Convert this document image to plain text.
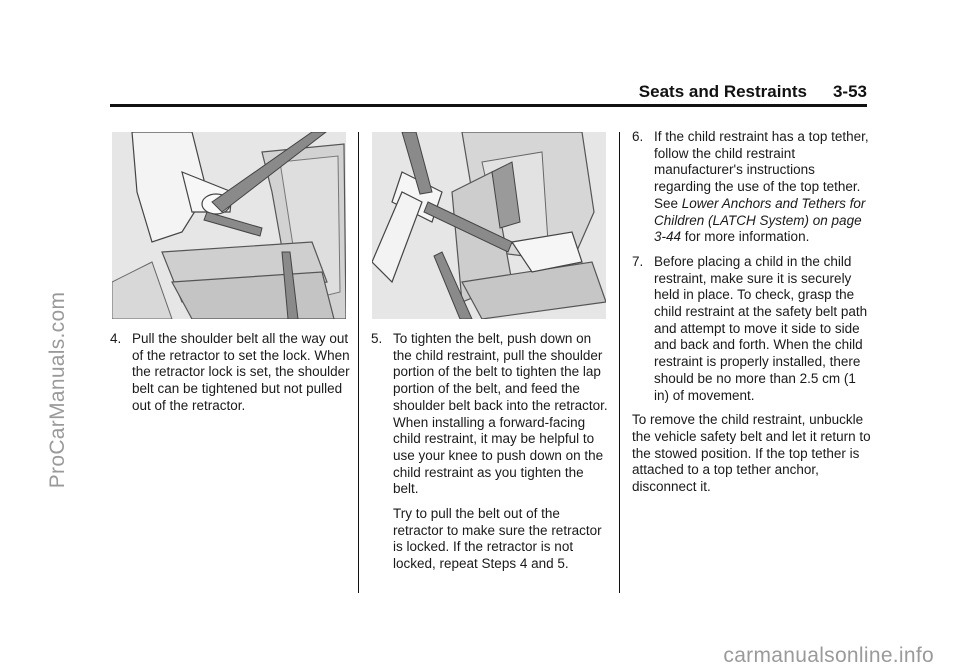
ProCarManuals.com
Seats and Restraints 3-53
4. Pull the shoulder belt all the way out of the retractor to set the lock. When the retractor lock is set, the shoulder belt can be tightened but not pulled out of the retractor.

5. To tighten the belt, push down on the child restraint, pull the shoulder portion of the belt to tighten the lap portion of the belt, and feed the shoulder belt back into the retractor. When installing a forward-facing child restraint, it may be helpful to use your knee to push down on the child restraint as you tighten the belt.

Try to pull the belt out of the retractor to make sure the retractor is locked. If the retractor is not locked, repeat Steps 4 and 5.

6. If the child restraint has a top tether, follow the child restraint manufacturer's instructions regarding the use of the top tether. See Lower Anchors and Tethers for Children (LATCH System) on page 3-44 for more information.

7. Before placing a child in the child restraint, make sure it is securely held in place. To check, grasp the child restraint at the safety belt path and attempt to move it side to side and back and forth. When the child restraint is properly installed, there should be no more than 2.5 cm (1 in) of movement.

To remove the child restraint, unbuckle the vehicle safety belt and let it return to the stowed position. If the top tether is attached to a top tether anchor, disconnect it.

carmanualsonline.info
